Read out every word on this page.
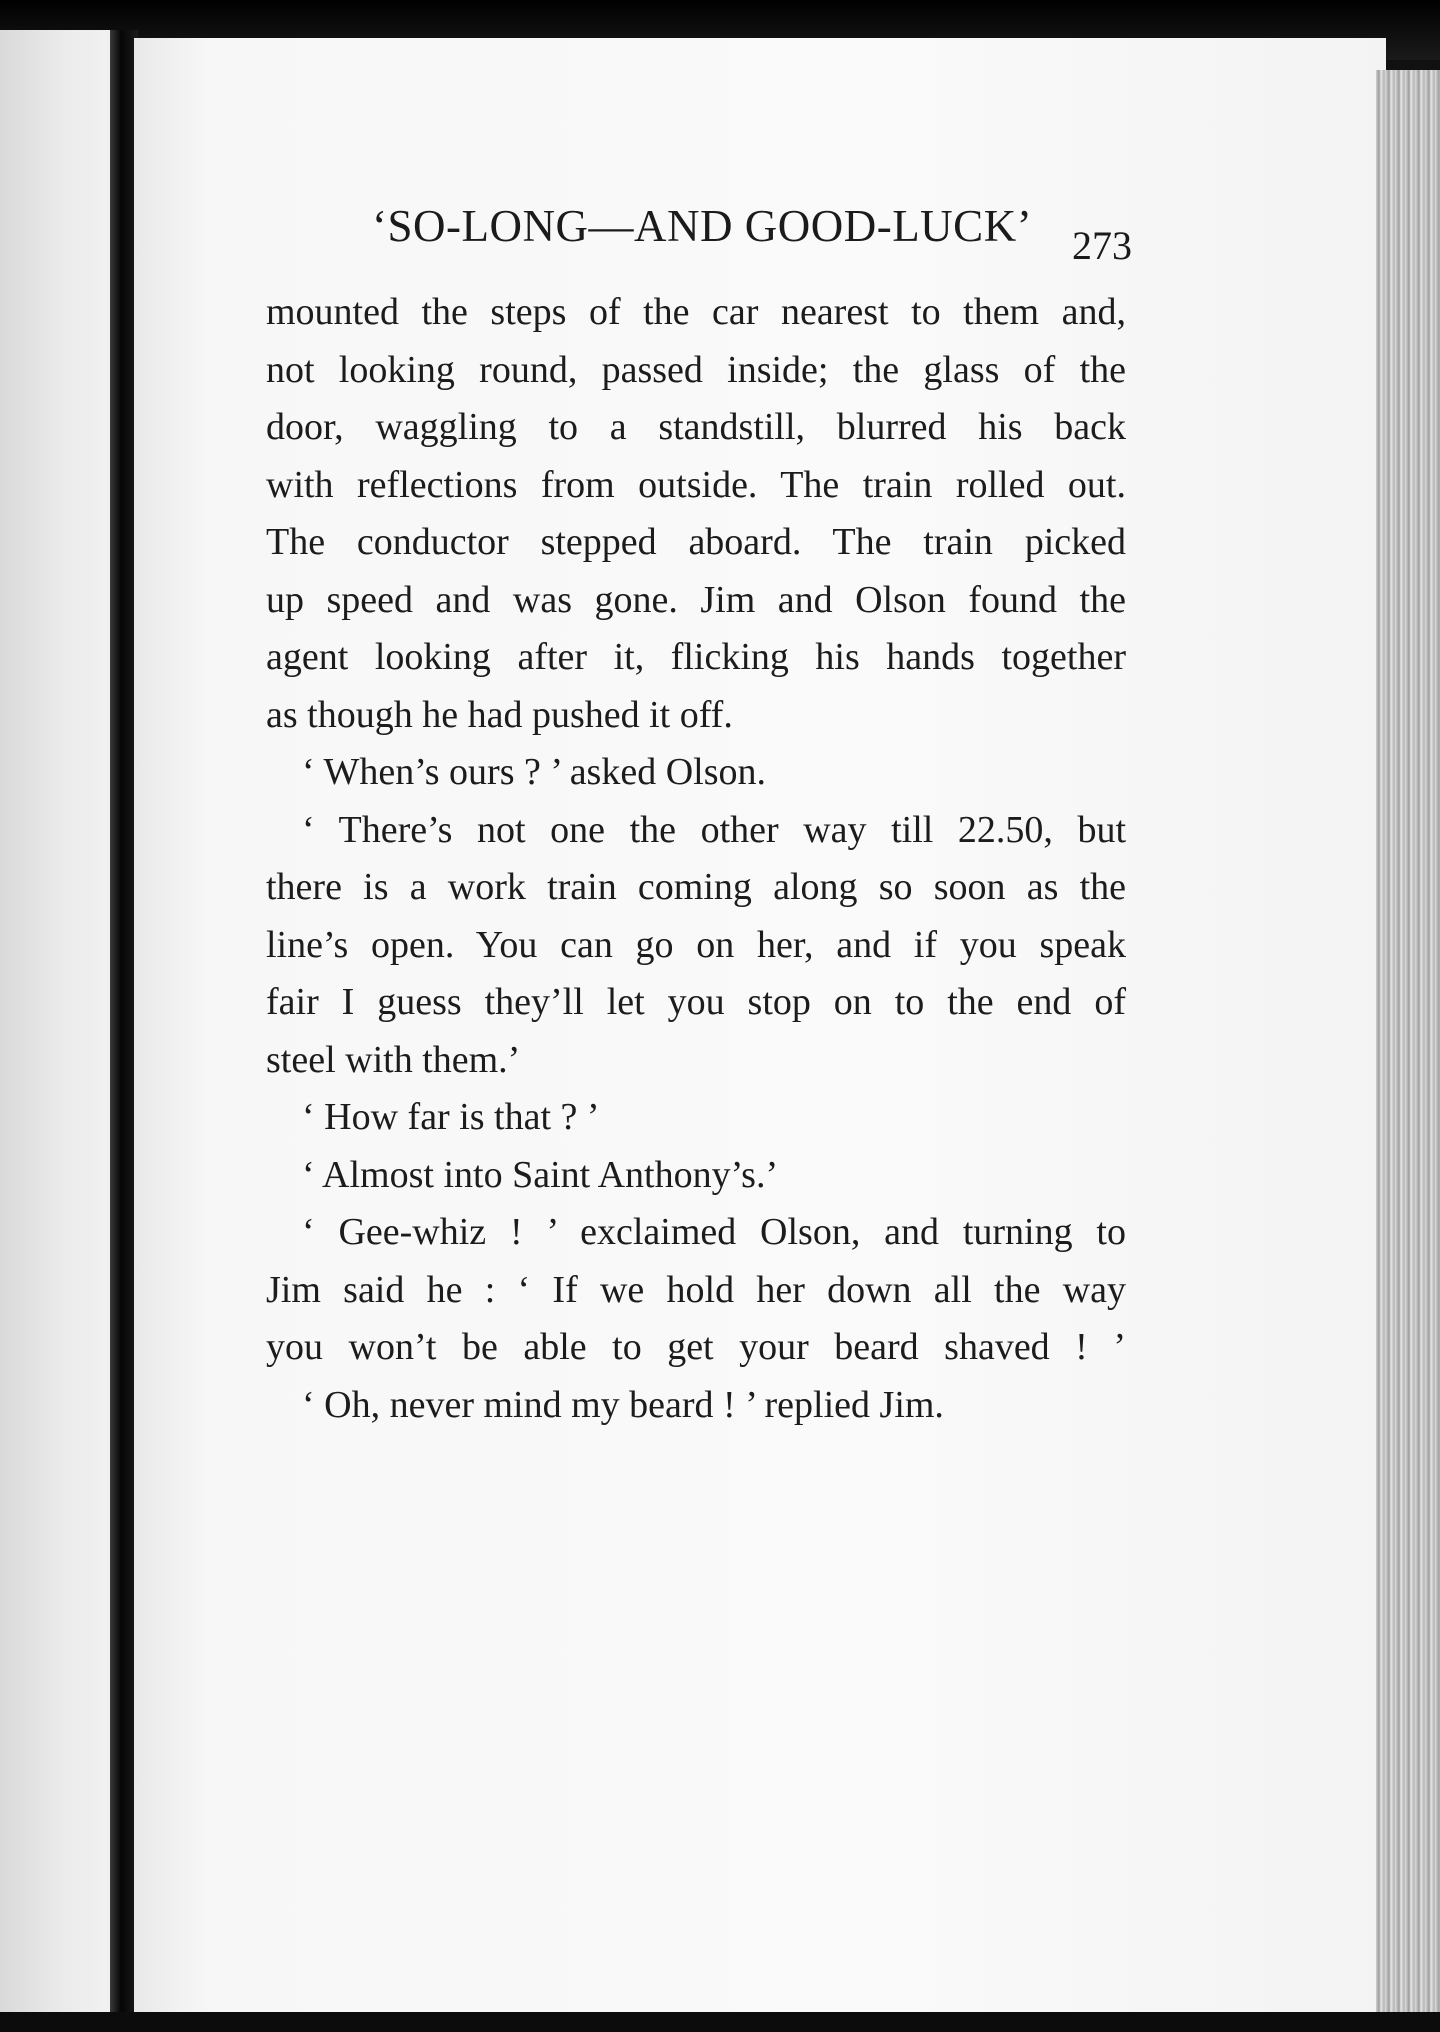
‘SO-LONG—AND GOOD-LUCK’ 273
mounted the steps of the car nearest to them and,
not looking round, passed inside; the glass of the
door, waggling to a standstill, blurred his back
with reflections from outside. The train rolled out.
The conductor stepped aboard. The train picked
up speed and was gone. Jim and Olson found the
agent looking after it, flicking his hands together
as though he had pushed it off.
‘ When’s ours ? ’ asked Olson.
‘ There’s not one the other way till 22.50, but
there is a work train coming along so soon as the
line’s open. You can go on her, and if you speak
fair I guess they’ll let you stop on to the end of
steel with them.’
‘ How far is that ? ’
‘ Almost into Saint Anthony’s.’
‘ Gee-whiz ! ’ exclaimed Olson, and turning to
Jim said he : ‘ If we hold her down all the way
you won’t be able to get your beard shaved ! ’
‘ Oh, never mind my beard ! ’ replied Jim.
